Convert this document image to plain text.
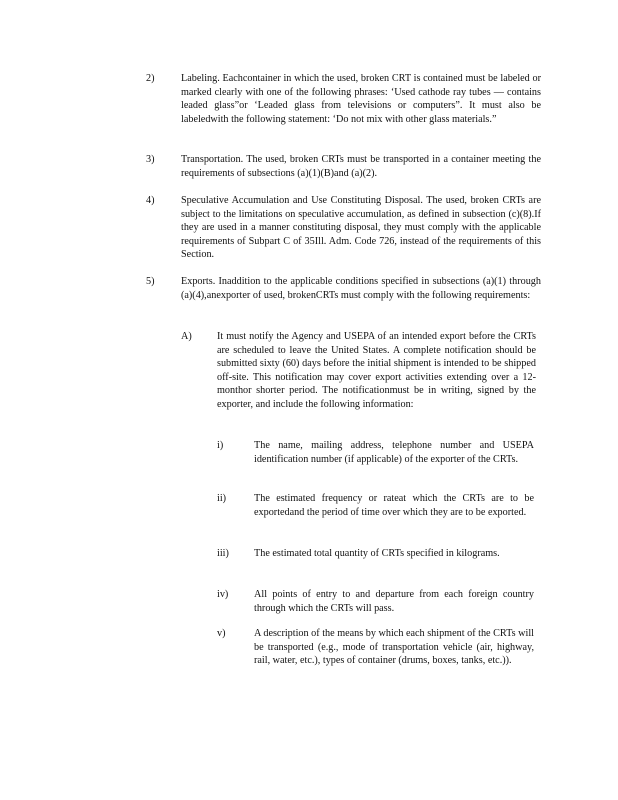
2)	Labeling. Eachcontainer in which the used, broken CRT is contained must be labeled or marked clearly with one of the following phrases: ‘Used cathode ray tubes — contains leaded glass”or ‘Leaded glass from televisions or computers”. It must also be labeledwith the following statement: ‘Do not mix with other glass materials.”

3)	Transportation. The used, broken CRTs must be transported in a container meeting the requirements of subsections (a)(1)(B)and (a)(2).

4)	Speculative Accumulation and Use Constituting Disposal. The used, broken CRTs are subject to the limitations on speculative accumulation, as defined in subsection (c)(8).If they are used in a manner constituting disposal, they must comply with the applicable requirements of Subpart C of 35Ill. Adm. Code 726, instead of the requirements of this Section.

5)	Exports. Inaddition to the applicable conditions specified in subsections (a)(1) through (a)(4),anexporter of used, brokenCRTs must comply with the following requirements:

A) It must notify the Agency and USEPA of an intended export before the CRTs are scheduled to leave the United States. A complete notification should be submitted sixty (60) days before the initial shipment is intended to be shipped off-site. This notification may cover export activities extending over a 12-monthor shorter period. The notificationmust be in writing, signed by the exporter, and include the following information:

i)	The name, mailing address, telephone number and USEPA identification number (if applicable) of the exporter of the CRTs.

ii)	The estimated frequency or rateat which the CRTs are to be exportedand the period of time over which they are to be exported.

iii) The estimated total quantity of CRTs specified in kilograms.

iv)	All points of entry to and departure from each foreign country through which the CRTs will pass.

v)	A description of the means by which each shipment of the CRTs will be transported (e.g., mode of transportation vehicle (air, highway, rail, water, etc.), types of container (drums, boxes, tanks, etc.)).
